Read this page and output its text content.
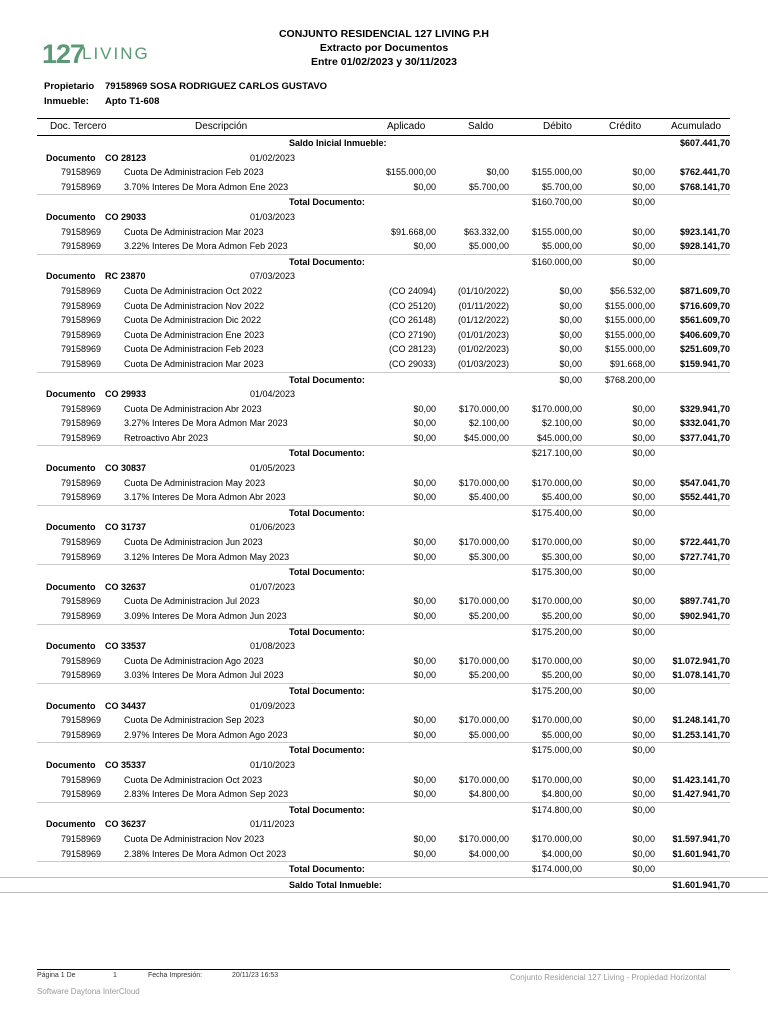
127
LIVING
CONJUNTO RESIDENCIAL 127 LIVING P.H
Extracto por Documentos
Entre 01/02/2023 y 30/11/2023
Propietario 79158969 SOSA RODRIGUEZ CARLOS GUSTAVO
Inmueble: Apto T1-608
Doc. Tercero	Descripción	Aplicado	Saldo	Débito	Crédito	Acumulado
Saldo Inicial Inmueble:	$607.441,70
Documento CO 28123	01/02/2023
79158969	Cuota De Administracion Feb 2023	$155.000,00	$0,00	$155.000,00	$0,00	$762.441,70
79158969	3.70% Interes De Mora Admon Ene 2023	$0,00	$5.700,00	$5.700,00	$0,00	$768.141,70
Total Documento:	$160.700,00	$0,00
Documento CO 29033	01/03/2023
79158969	Cuota De Administracion Mar 2023	$91.668,00	$63.332,00	$155.000,00	$0,00	$923.141,70
79158969	3.22% Interes De Mora Admon Feb 2023	$0,00	$5.000,00	$5.000,00	$0,00	$928.141,70
Total Documento:	$160.000,00	$0,00
Documento RC 23870	07/03/2023
79158969	Cuota De Administracion Oct 2022	(CO 24094) (01/10/2022)	$0,00	$56.532,00	$871.609,70
79158969	Cuota De Administracion Nov 2022	(CO 25120)	(01/11/2022)	$0,00	$155.000,00	$716.609,70
79158969	Cuota De Administracion Dic 2022	(CO 26148) (01/12/2022)	$0,00	$155.000,00	$561.609,70
79158969	Cuota De Administracion Ene 2023	(CO 27190) (01/01/2023)	$0,00	$155.000,00	$406.609,70
79158969	Cuota De Administracion Feb 2023	(CO 28123) (01/02/2023)	$0,00	$155.000,00	$251.609,70
79158969	Cuota De Administracion Mar 2023	(CO 29033) (01/03/2023)	$0,00	$91.668,00	$159.941,70
Total Documento:	$0,00	$768.200,00
Documento CO 29933	01/04/2023
79158969	Cuota De Administracion Abr 2023	$0,00	$170.000,00	$170.000,00	$0,00	$329.941,70
79158969	3.27% Interes De Mora Admon Mar 2023	$0,00	$2.100,00	$2.100,00	$0,00	$332.041,70
79158969	Retroactivo Abr 2023	$0,00	$45.000,00	$45.000,00	$0,00	$377.041,70
Total Documento:	$217.100,00	$0,00
Documento CO 30837	01/05/2023
79158969	Cuota De Administracion May 2023	$0,00	$170.000,00	$170.000,00	$0,00	$547.041,70
79158969	3.17% Interes De Mora Admon Abr 2023	$0,00	$5.400,00	$5.400,00	$0,00	$552.441,70
Total Documento:	$175.400,00	$0,00
Documento CO 31737	01/06/2023
79158969	Cuota De Administracion Jun 2023	$0,00	$170.000,00	$170.000,00	$0,00	$722.441,70
79158969	3.12% Interes De Mora Admon May 2023	$0,00	$5.300,00	$5.300,00	$0,00	$727.741,70
Total Documento:	$175.300,00	$0,00
Documento CO 32637	01/07/2023
79158969	Cuota De Administracion Jul 2023	$0,00	$170.000,00	$170.000,00	$0,00	$897.741,70
79158969	3.09% Interes De Mora Admon Jun 2023	$0,00	$5.200,00	$5.200,00	$0,00	$902.941,70
Total Documento:	$175.200,00	$0,00
Documento CO 33537	01/08/2023
79158969	Cuota De Administracion Ago 2023	$0,00	$170.000,00	$170.000,00	$0,00 $1.072.941,70
79158969	3.03% Interes De Mora Admon Jul 2023	$0,00	$5.200,00	$5.200,00	$0,00 $1.078.141,70
Total Documento:	$175.200,00	$0,00
Documento CO 34437	01/09/2023
79158969	Cuota De Administracion Sep 2023	$0,00	$170.000,00	$170.000,00	$0,00 $1.248.141,70
79158969	2.97% Interes De Mora Admon Ago 2023	$0,00	$5.000,00	$5.000,00	$0,00 $1.253.141,70
Total Documento:	$175.000,00	$0,00
Documento CO 35337	01/10/2023
79158969	Cuota De Administracion Oct 2023	$0,00	$170.000,00	$170.000,00	$0,00 $1.423.141,70
79158969	2.83% Interes De Mora Admon Sep 2023	$0,00	$4.800,00	$4.800,00	$0,00 $1.427.941,70
Total Documento:	$174.800,00	$0,00
Documento CO 36237	01/11/2023
79158969	Cuota De Administracion Nov 2023	$0,00	$170.000,00	$170.000,00	$0,00 $1.597.941,70
79158969	2.38% Interes De Mora Admon Oct 2023	$0,00	$4.000,00	$4.000,00	$0,00 $1.601.941,70
Total Documento:	$174.000,00	$0,00
Saldo Total Inmueble:	$1.601.941,70
Página 1 De	1	Fecha Impresión:	20/11/23 16:53	Conjunto Residencial 127 Living - Propiedad Horizontal
Software Daytona InterCloud
